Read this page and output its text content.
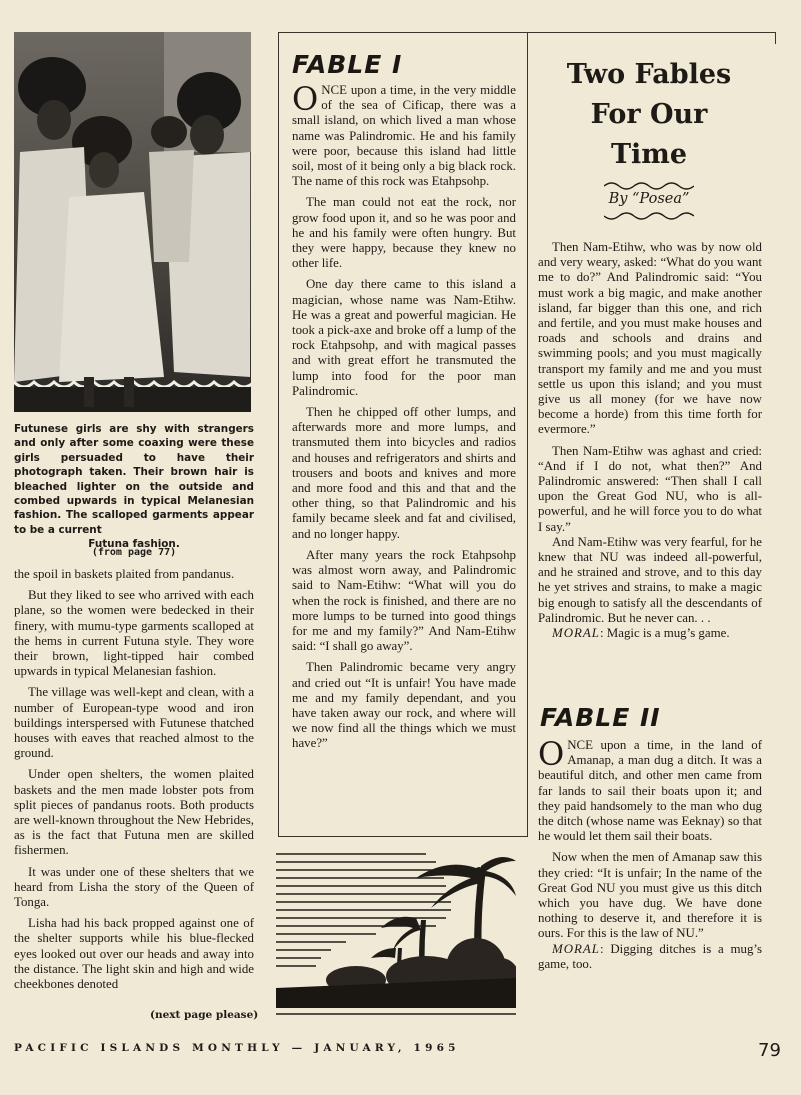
Futunese girls are shy with strangers and only after some coaxing were these girls persuaded to have their photograph taken. Their brown hair is bleached lighter on the outside and combed upwards in typical Melanesian fashion. The scalloped garments appear to be a current
Futuna fashion.
(from page 77)

the spoil in baskets plaited from pandanus.

But they liked to see who arrived with each plane, so the women were bedecked in their finery, with mumu-type garments scalloped at the hems in current Futuna style. They wore their brown, light-tipped hair combed upwards in typical Melanesian fashion.

The village was well-kept and clean, with a number of European-type wood and iron buildings interspersed with Futunese thatched houses with eaves that reached almost to the ground.

Under open shelters, the women plaited baskets and the men made lobster pots from split pieces of pandanus roots. Both products are well-known throughout the New Hebrides, as is the fact that Futuna men are skilled fishermen.

It was under one of these shelters that we heard from Lisha the story of the Queen of Tonga.

Lisha had his back propped against one of the shelter supports while his blue-flecked eyes looked out over our heads and away into the distance. The light skin and high and wide cheekbones denoted

(next page please)
FABLE I

ONCE upon a time, in the very middle of the sea of Cificap, there was a small island, on which lived a man whose name was Palindromic. He and his family were poor, because this island had little soil, most of it being only a big black rock. The name of this rock was Etahpsohp.

The man could not eat the rock, nor grow food upon it, and so he was poor and he and his family were often hungry. But they were happy, because they knew no other life.

One day there came to this island a magician, whose name was Nam-Etihw. He was a great and powerful magician. He took a pick-axe and broke off a lump of the rock Etahpsohp, and with magical passes and with great effort he transmuted the lump into food for the poor man Palindromic.

Then he chipped off other lumps, and afterwards more and more lumps, and transmuted them into bicycles and radios and houses and refrigerators and shirts and trousers and boots and knives and more and more food and this and that and the other thing, so that Palindromic and his family became sleek and fat and civilised, and no longer happy.

After many years the rock Etahpsohp was almost worn away, and Palindromic said to Nam-Etihw: “What will you do when the rock is finished, and there are no more lumps to be turned into good things for me and my family?” And Nam-Etihw said: “I shall go away”.

Then Palindromic became very angry and cried out “It is unfair! You have made me and my family dependant, and you have taken away our rock, and where will we now find all the things which we must have?”

Two Fables
For Our
Time
By “Posea”

Then Nam-Etihw, who was by now old and very weary, asked: “What do you want me to do?” And Palindromic said: “You must work a big magic, and make another island, far bigger than this one, and rich and fertile, and you must make houses and roads and schools and drains and swimming pools; and you must magically transport my family and me and you must settle us upon this island; and you must give us all money (for we have now become a horde) from this time forth for evermore.”

Then Nam-Etihw was aghast and cried: “And if I do not, what then?” And Palindromic answered: “Then shall I call upon the Great God NU, who is all-powerful, and he will force you to do what I say.”

And Nam-Etihw was very fearful, for he knew that NU was indeed all-powerful, and he strained and strove, and to this day he yet strives and strains, to make a magic big enough to satisfy all the descendants of Palindromic. But he never can. . .

MORAL: Magic is a mug’s game.

FABLE II

ONCE upon a time, in the land of Amanap, a man dug a ditch. It was a beautiful ditch, and other men came from far lands to sail their boats upon it; and they paid handsomely to the man who dug the ditch (whose name was Eeknay) so that he would let them sail their boats.

Now when the men of Amanap saw this they cried: “It is unfair; In the name of the Great God NU you must give us this ditch which you have dug. We have done nothing to deserve it, and therefore it is ours. For this is the law of NU.”

MORAL: Digging ditches is a mug’s game, too.

PACIFIC ISLANDS MONTHLY — JANUARY, 1965	79
